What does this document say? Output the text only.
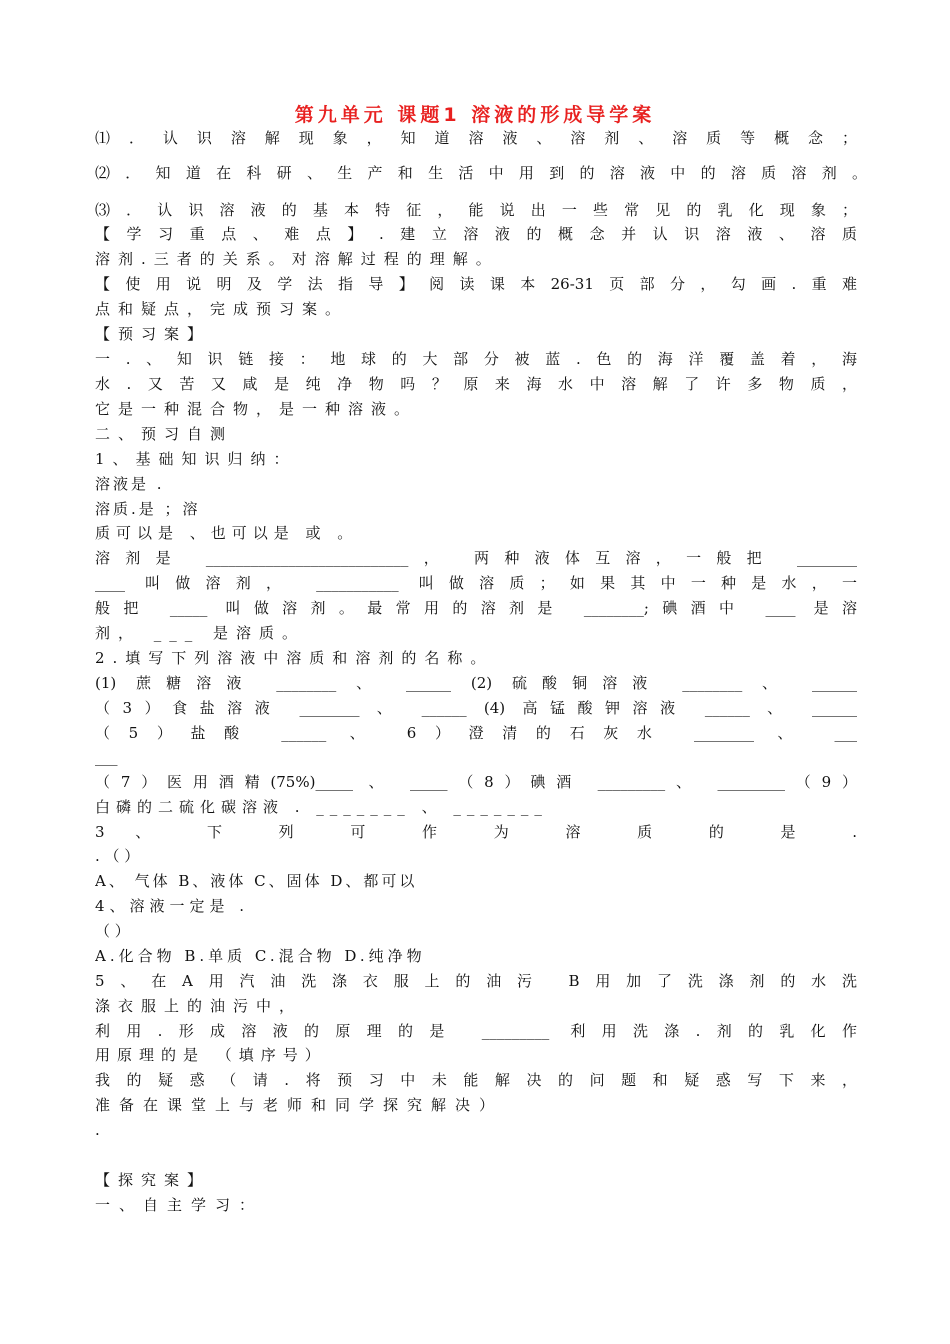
第九单元 课题1 溶液的形成导学案
⑴．认识溶解现象，知道溶液、溶剂、溶质等概念；
⑵．知道在科研、生产和生活中用到的溶液中的溶质溶剂。
⑶．认识溶液的基本特征，能说出一些常见的乳化现象；
【学习重点、难点】.建立溶液的概念并认识溶液、溶质
溶剂.三者的关系。对溶解过程的理解。
【使用说明及学法指导】阅读课本26-31页部分，勾画.重难
点和疑点，完成预习案。
【预习案】
一.、知识链接：地球的大部分被蓝.色的海洋覆盖着，海
水.又苦又咸是纯净物吗？原来海水中溶解了许多物质，
它是一种混合物，是一种溶液。
二、预习自测
1、基础知识归纳：
溶液是 .
溶质.是 ；溶
质可以是 、也可以是 或 。
溶剂是 ___________________________， 两种液体互溶，一般把 ________
____ 叫做溶剂， ___________ 叫做溶质；如果其中一种是水，一
般把 _____ 叫做溶剂。最常用的溶剂是 ________;碘酒中 ____ 是溶
剂， ___ 是溶质。
2.填写下列溶液中溶质和溶剂的名称。
(1) 蔗糖溶液 ________ 、 ______ (2) 硫酸铜溶液 ________ 、 ______
（3）食盐溶液 ________ 、 ______ (4) 高锰酸钾溶液 ______ 、 ______
（5）盐酸 ______ 、 6）澄清的石灰水 ________ 、 ___
___
（7）医用酒精(75%)_____ 、 _____（8）碘酒 _________、 _________（9）
白磷的二硫化碳溶液 . _______ 、 _______
3 、 下 列 可 作 为 溶 质 的 是 .
. （ ）
A、 气体 B、液体 C、固体 D、都可以
4、溶液一定是 .
（ ）
A.化合物 B.单质 C.混合物 D.纯净物
5、在A用汽油洗涤衣服上的油污 B用加了洗涤剂的水洗
涤衣服上的油污中，
利用.形成溶液的原理的是 _________ 利用洗涤.剂的乳化作
用原理的是 （填序号）
我的疑惑（请.将预习中未能解决的问题和疑惑写下来，
准备在课堂上与老师和同学探究解决）
.
【探究案】
一、自主学习：
